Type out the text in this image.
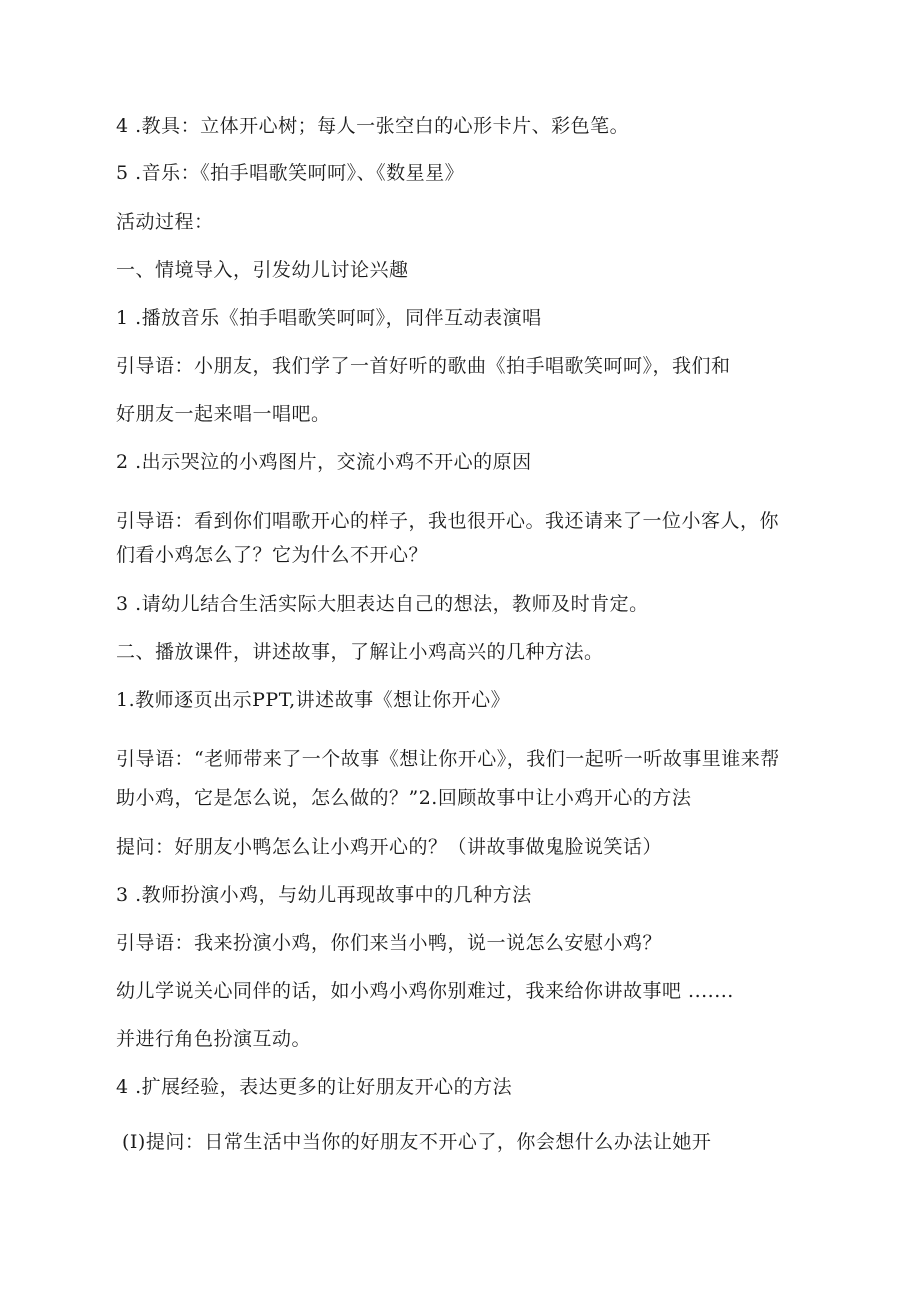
4 .教具：立体开心树；每人一张空白的心形卡片、彩色笔。
5 .音乐：《拍手唱歌笑呵呵》、《数星星》
活动过程：
一、情境导入，引发幼儿讨论兴趣
1 .播放音乐《拍手唱歌笑呵呵》，同伴互动表演唱
引导语：小朋友，我们学了一首好听的歌曲《拍手唱歌笑呵呵》，我们和
好朋友一起来唱一唱吧。
2 .出示哭泣的小鸡图片，交流小鸡不开心的原因
引导语：看到你们唱歌开心的样子，我也很开心。我还请来了一位小客人，你
们看小鸡怎么了？它为什么不开心？
3 .请幼儿结合生活实际大胆表达自己的想法，教师及时肯定。
二、播放课件，讲述故事，了解让小鸡高兴的几种方法。
1.教师逐页出示PPT,讲述故事《想让你开心》
引导语：“老师带来了一个故事《想让你开心》，我们一起听一听故事里谁来帮
助小鸡，它是怎么说，怎么做的？”2.回顾故事中让小鸡开心的方法
提问：好朋友小鸭怎么让小鸡开心的？（讲故事做鬼脸说笑话）
3 .教师扮演小鸡，与幼儿再现故事中的几种方法
引导语：我来扮演小鸡，你们来当小鸭，说一说怎么安慰小鸡？
幼儿学说关心同伴的话，如小鸡小鸡你别难过，我来给你讲故事吧 .......
并进行角色扮演互动。
4 .扩展经验，表达更多的让好朋友开心的方法
(I)提问：日常生活中当你的好朋友不开心了，你会想什么办法让她开
